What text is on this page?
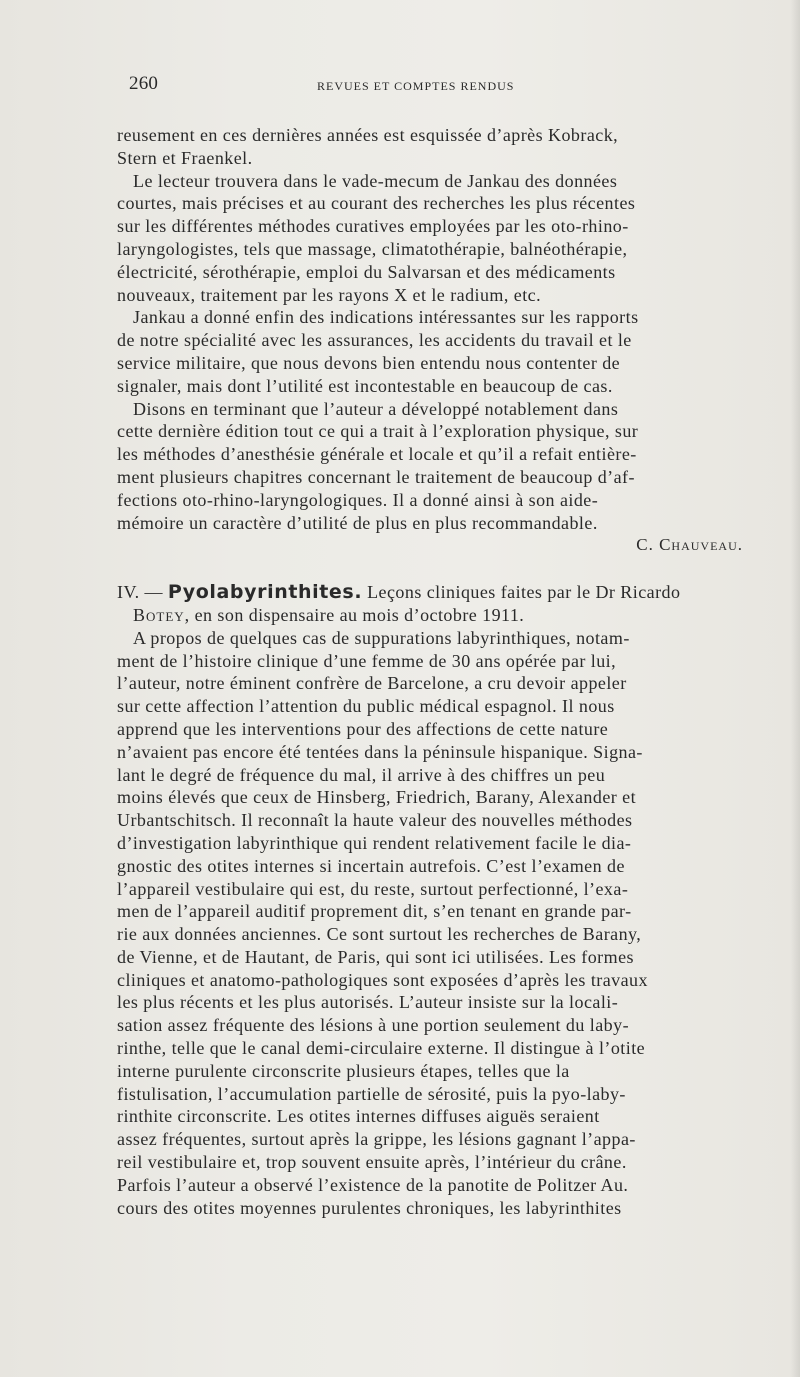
260	REVUES ET COMPTES RENDUS
reusement en ces dernières années est esquissée d’après Kobrack,
Stern et Fraenkel.
Le lecteur trouvera dans le vade-mecum de Jankau des données
courtes, mais précises et au courant des recherches les plus récentes
sur les différentes méthodes curatives employées par les oto-rhino-
laryngologistes, tels que massage, climatothérapie, balnéothérapie,
électricité, sérothérapie, emploi du Salvarsan et des médicaments
nouveaux, traitement par les rayons X et le radium, etc.
Jankau a donné enfin des indications intéressantes sur les rapports
de notre spécialité avec les assurances, les accidents du travail et le
service militaire, que nous devons bien entendu nous contenter de
signaler, mais dont l’utilité est incontestable en beaucoup de cas.
Disons en terminant que l’auteur a développé notablement dans
cette dernière édition tout ce qui a trait à l’exploration physique, sur
les méthodes d’anesthésie générale et locale et qu’il a refait entière-
ment plusieurs chapitres concernant le traitement de beaucoup d’af-
fections oto-rhino-laryngologiques. Il a donné ainsi à son aide-
mémoire un caractère d’utilité de plus en plus recommandable.
C. Chauveau.
IV. — Pyolabyrinthites. Leçons cliniques faites par le Dr Ricardo
Botey, en son dispensaire au mois d’octobre 1911.
A propos de quelques cas de suppurations labyrinthiques, notam-
ment de l’histoire clinique d’une femme de 30 ans opérée par lui,
l’auteur, notre éminent confrère de Barcelone, a cru devoir appeler
sur cette affection l’attention du public médical espagnol. Il nous
apprend que les interventions pour des affections de cette nature
n’avaient pas encore été tentées dans la péninsule hispanique. Signa-
lant le degré de fréquence du mal, il arrive à des chiffres un peu
moins élevés que ceux de Hinsberg, Friedrich, Barany, Alexander et
Urbantschitsch. Il reconnaît la haute valeur des nouvelles méthodes
d’investigation labyrinthique qui rendent relativement facile le dia-
gnostic des otites internes si incertain autrefois. C’est l’examen de
l’appareil vestibulaire qui est, du reste, surtout perfectionné, l’exa-
men de l’appareil auditif proprement dit, s’en tenant en grande par-
rie aux données anciennes. Ce sont surtout les recherches de Barany,
de Vienne, et de Hautant, de Paris, qui sont ici utilisées. Les formes
cliniques et anatomo-pathologiques sont exposées d’après les travaux
les plus récents et les plus autorisés. L’auteur insiste sur la locali-
sation assez fréquente des lésions à une portion seulement du laby-
rinthe, telle que le canal demi-circulaire externe. Il distingue à l’otite
interne purulente circonscrite plusieurs étapes, telles que la
fistulisation, l’accumulation partielle de sérosité, puis la pyo-laby-
rinthite circonscrite. Les otites internes diffuses aiguës seraient
assez fréquentes, surtout après la grippe, les lésions gagnant l’appa-
reil vestibulaire et, trop souvent ensuite après, l’intérieur du crâne.
Parfois l’auteur a observé l’existence de la panotite de Politzer Au.
cours des otites moyennes purulentes chroniques, les labyrinthites
